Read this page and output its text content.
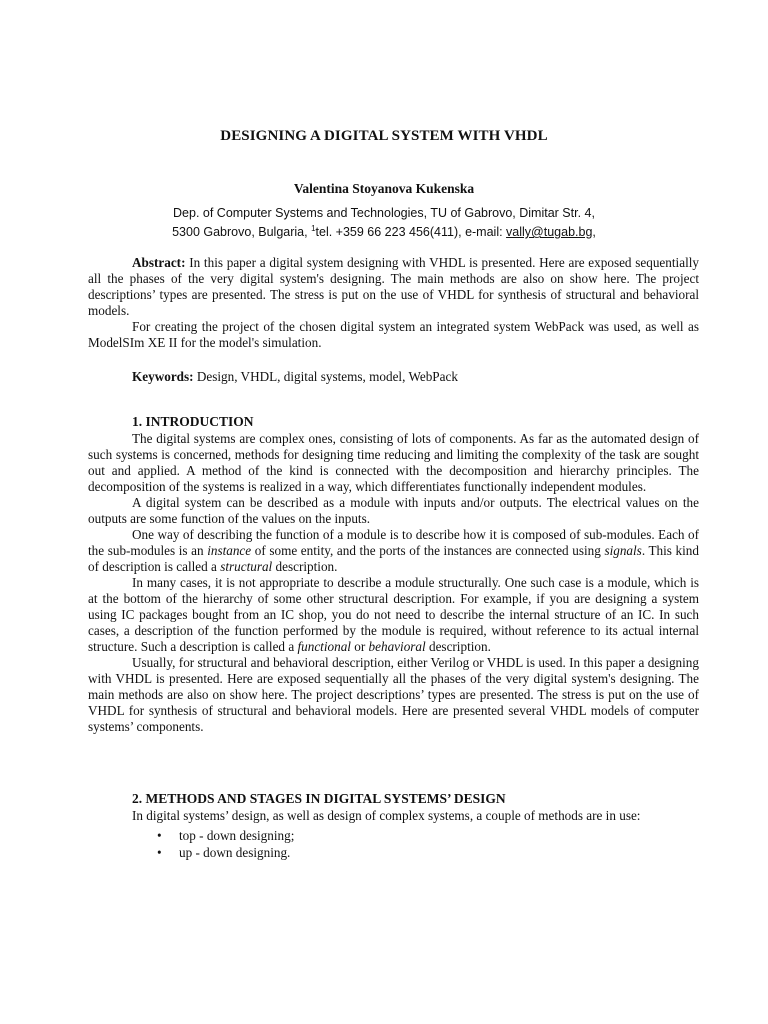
DESIGNING A DIGITAL SYSTEM WITH VHDL
Valentina Stoyanova Kukenska
Dep. of Computer Systems and Technologies, TU of Gabrovo, Dimitar Str. 4,
5300 Gabrovo, Bulgaria, $^1$tel. +359 66 223 456(411), e-mail: vally@tugab.bg,

Abstract: In this paper a digital system designing with VHDL is presented. Here are exposed sequentially all the phases of the very digital system's designing. The main methods are also on show here. The project descriptions’ types are presented. The stress is put on the use of VHDL for synthesis of structural and behavioral models.

For creating the project of the chosen digital system an integrated system WebPack was used, as well as ModelSIm XE II for the model's simulation.

Keywords: Design, VHDL, digital systems, model, WebPack

1. INTRODUCTION

The digital systems are complex ones, consisting of lots of components. As far as the automated design of such systems is concerned, methods for designing time reducing and limiting the complexity of the task are sought out and applied. A method of the kind is connected with the decomposition and hierarchy principles. The decomposition of the systems is realized in a way, which differentiates functionally independent modules.

A digital system can be described as a module with inputs and/or outputs. The electrical values on the outputs are some function of the values on the inputs.

One way of describing the function of a module is to describe how it is composed of sub-modules. Each of the sub-modules is an instance of some entity, and the ports of the instances are connected using signals. This kind of description is called a structural description.

In many cases, it is not appropriate to describe a module structurally. One such case is a module, which is at the bottom of the hierarchy of some other structural description. For example, if you are designing a system using IC packages bought from an IC shop, you do not need to describe the internal structure of an IC. In such cases, a description of the function performed by the module is required, without reference to its actual internal structure. Such a description is called a functional or behavioral description.

Usually, for structural and behavioral description, either Verilog or VHDL is used. In this paper a designing with VHDL is presented. Here are exposed sequentially all the phases of the very digital system's designing. The main methods are also on show here. The project descriptions’ types are presented. The stress is put on the use of VHDL for synthesis of structural and behavioral models. Here are presented several VHDL models of computer systems’ components.

2. METHODS AND STAGES IN DIGITAL SYSTEMS’ DESIGN

In digital systems’ design, as well as design of complex systems, a couple of methods are in use:

• top - down designing;
• up - down designing.
